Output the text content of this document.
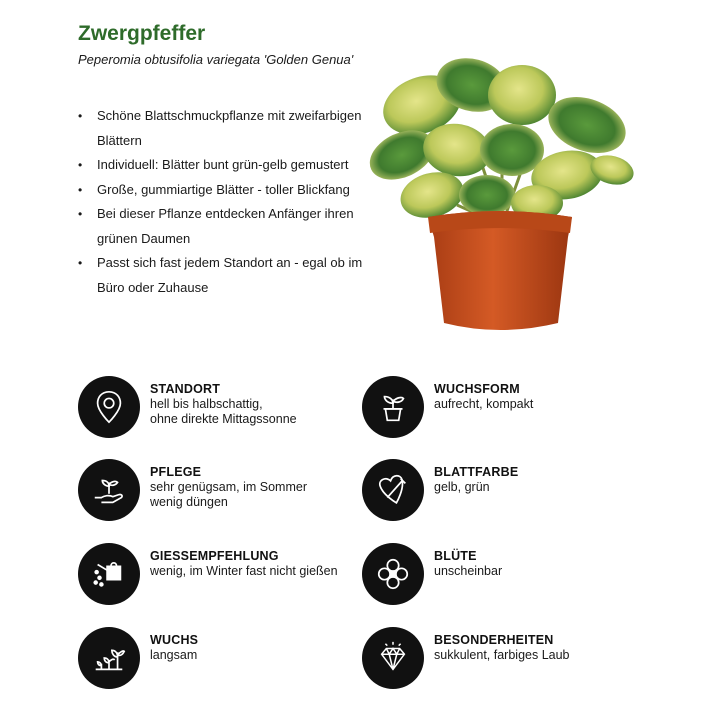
Zwergpfeffer

Peperomia obtusifolia variegata 'Golden Genua'

• Schöne Blattschmuckpflanze mit zweifarbigen Blättern
• Individuell: Blätter bunt grün-gelb gemustert
• Große, gummiartige Blätter - toller Blickfang
• Bei dieser Pflanze entdecken Anfänger ihren grünen Daumen
• Passt sich fast jedem Standort an - egal ob im Büro oder Zuhause
STANDORT
hell bis halbschattig,
ohne direkte Mittagssonne
WUCHSFORM
aufrecht, kompakt
PFLEGE
sehr genügsam, im Sommer
wenig düngen
BLATTFARBE
gelb, grün
GIESSEMPFEHLUNG
wenig, im Winter fast nicht gießen
BLÜTE
unscheinbar
WUCHS
langsam
BESONDERHEITEN
sukkulent, farbiges Laub
